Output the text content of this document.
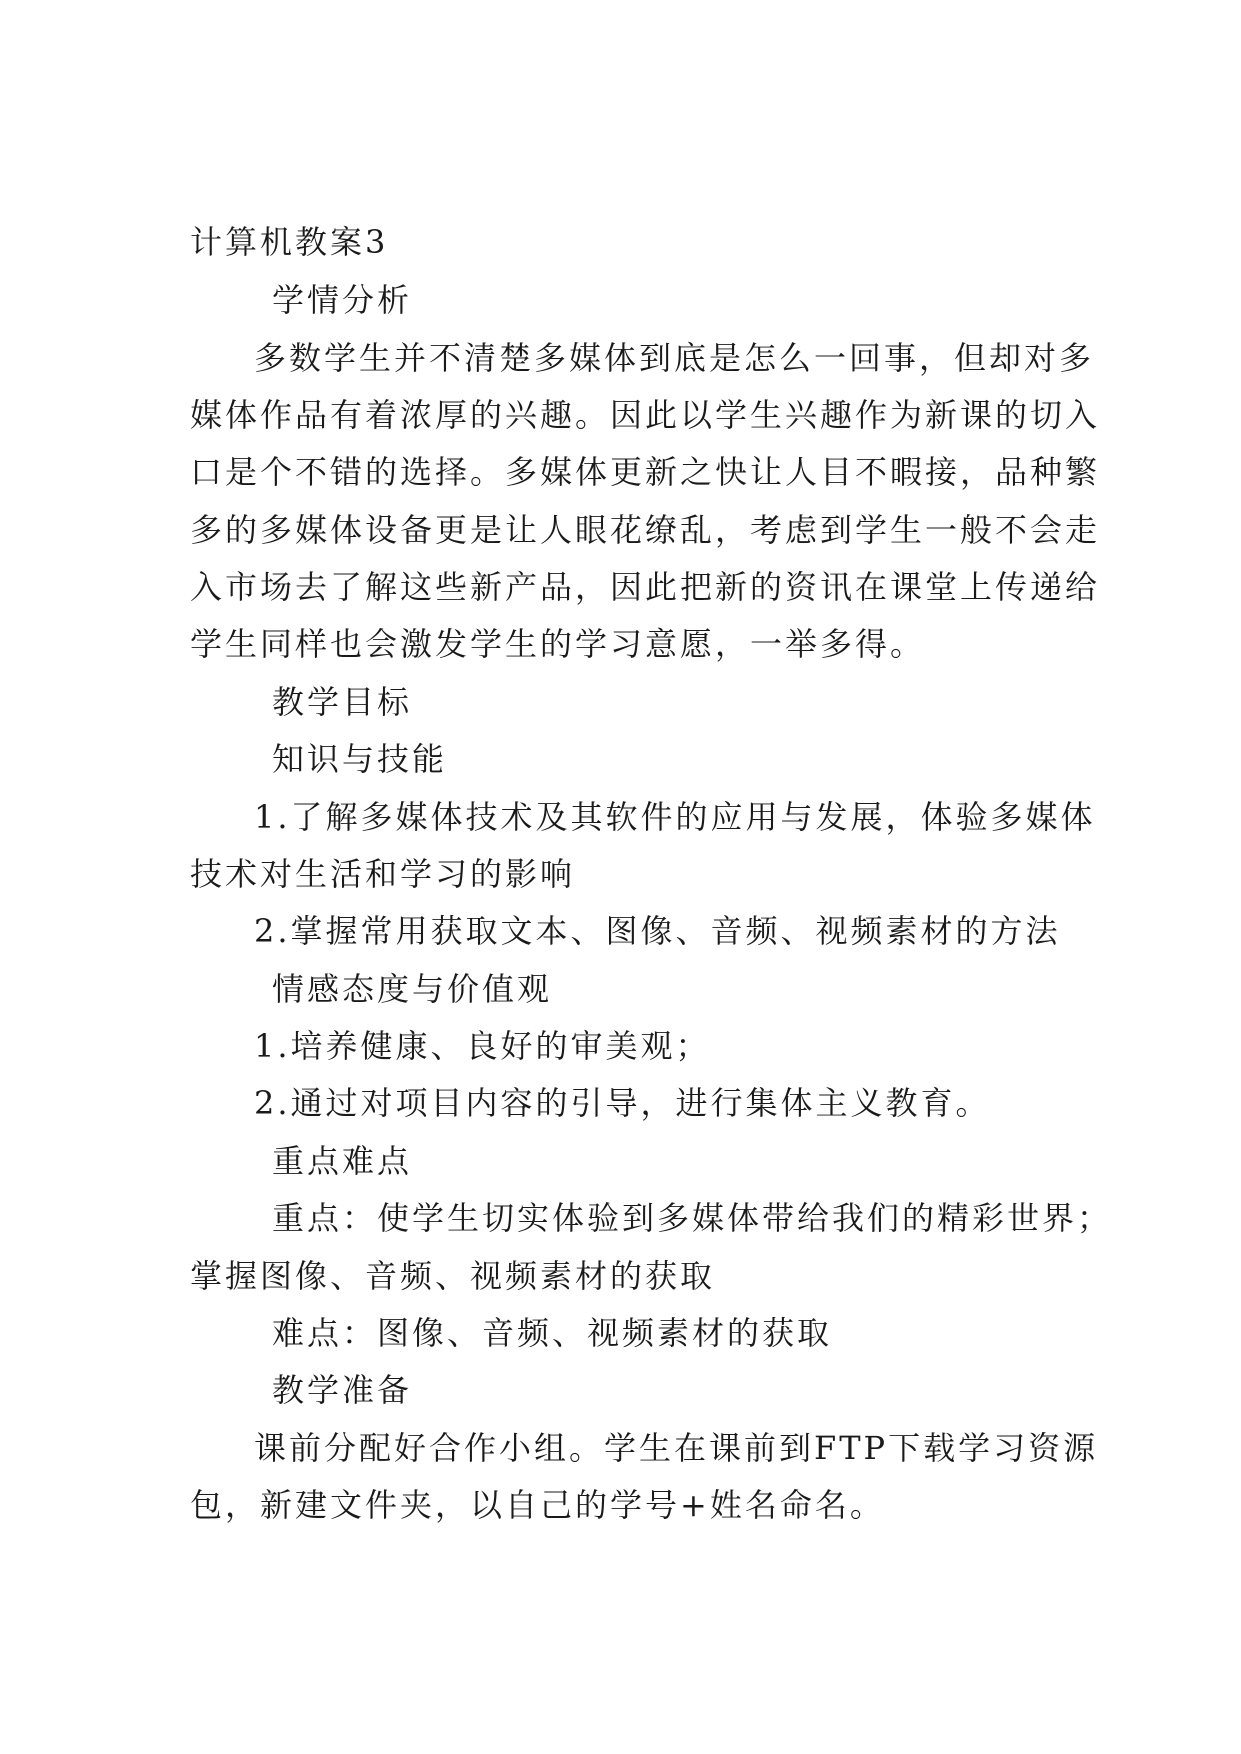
计算机教案3
学情分析
多数学生并不清楚多媒体到底是怎么一回事，但却对多
媒体作品有着浓厚的兴趣。因此以学生兴趣作为新课的切入
口是个不错的选择。多媒体更新之快让人目不暇接，品种繁
多的多媒体设备更是让人眼花缭乱，考虑到学生一般不会走
入市场去了解这些新产品，因此把新的资讯在课堂上传递给
学生同样也会激发学生的学习意愿，一举多得。
教学目标
知识与技能
1.了解多媒体技术及其软件的应用与发展，体验多媒体
技术对生活和学习的影响
2.掌握常用获取文本、图像、音频、视频素材的方法
情感态度与价值观
1.培养健康、良好的审美观；
2.通过对项目内容的引导，进行集体主义教育。
重点难点
重点：使学生切实体验到多媒体带给我们的精彩世界；
掌握图像、音频、视频素材的获取
难点：图像、音频、视频素材的获取
教学准备
课前分配好合作小组。学生在课前到FTP下载学习资源
包，新建文件夹，以自己的学号+姓名命名。
